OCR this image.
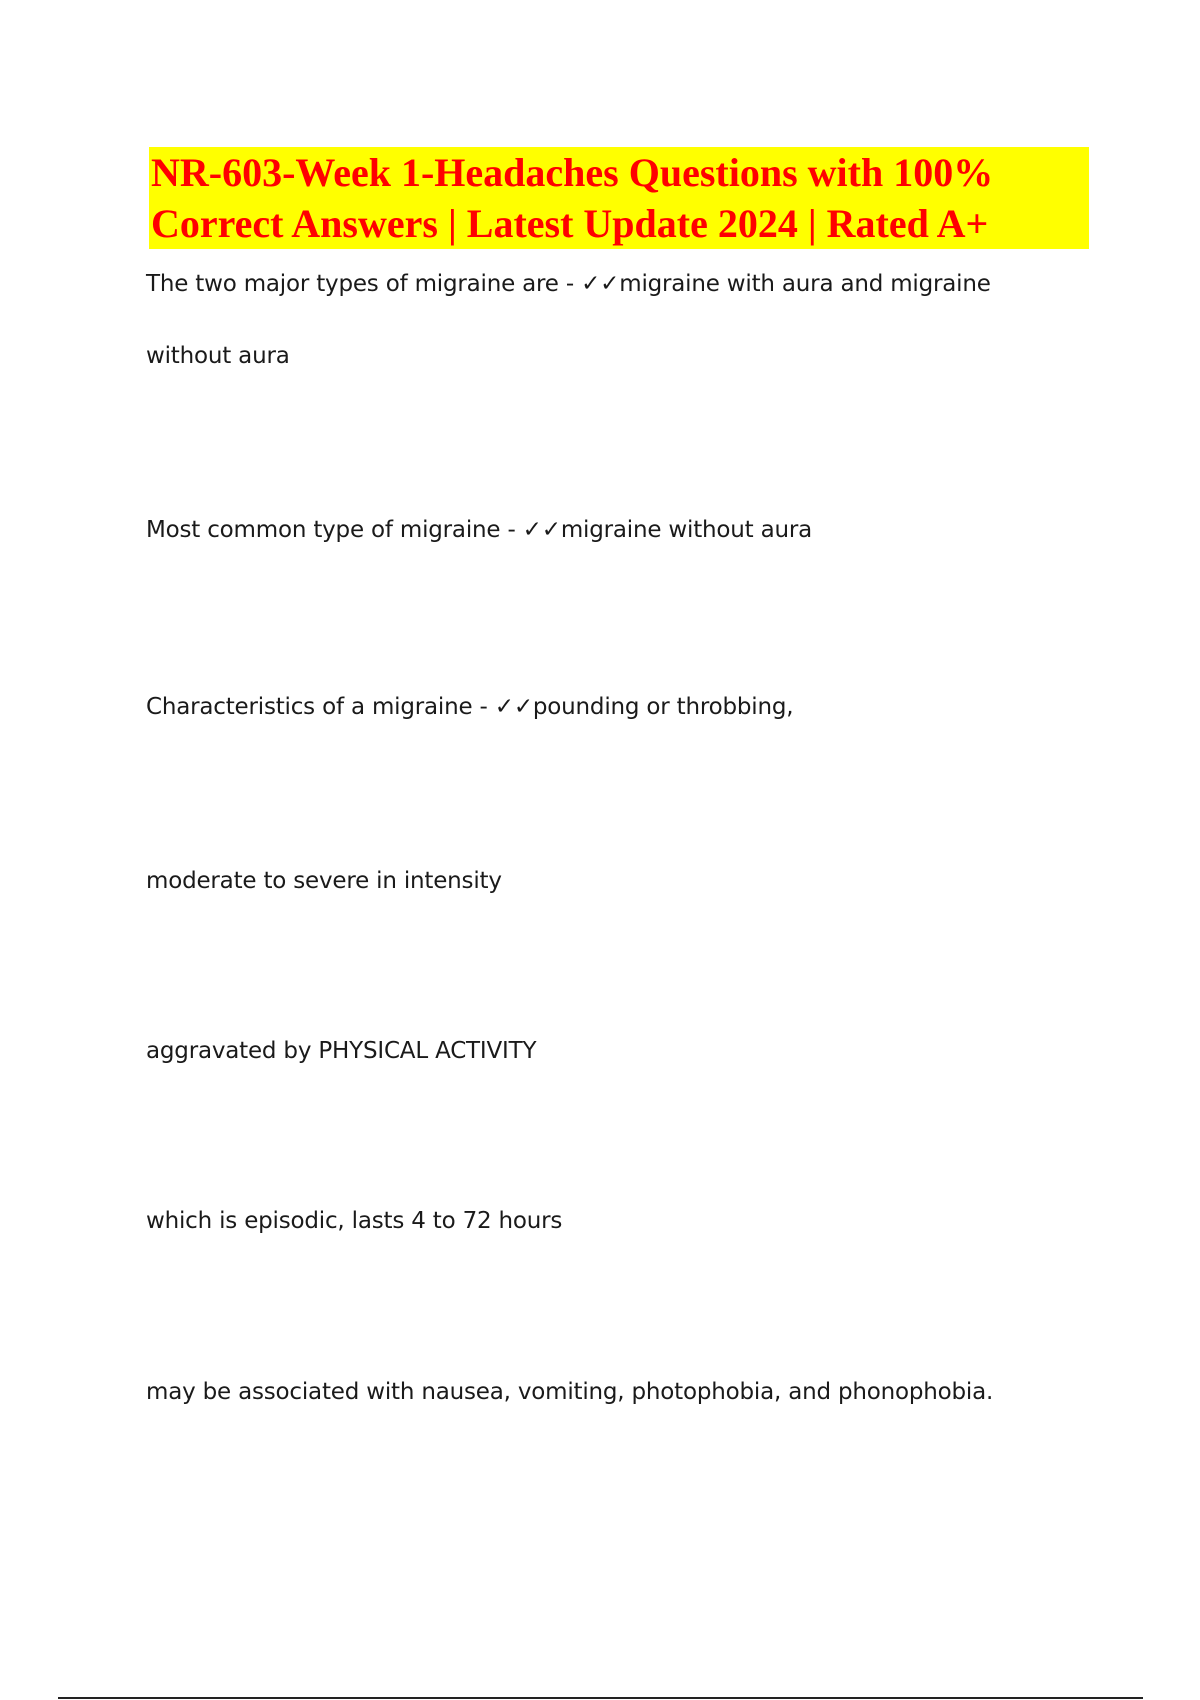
NR-603-Week 1-Headaches Questions with 100%
Correct Answers | Latest Update 2024 | Rated A+
The two major types of migraine are - ✓✓migraine with aura and migraine
without aura
Most common type of migraine - ✓✓migraine without aura
Characteristics of a migraine - ✓✓pounding or throbbing,
moderate to severe in intensity
aggravated by PHYSICAL ACTIVITY
which is episodic, lasts 4 to 72 hours
may be associated with nausea, vomiting, photophobia, and phonophobia.
